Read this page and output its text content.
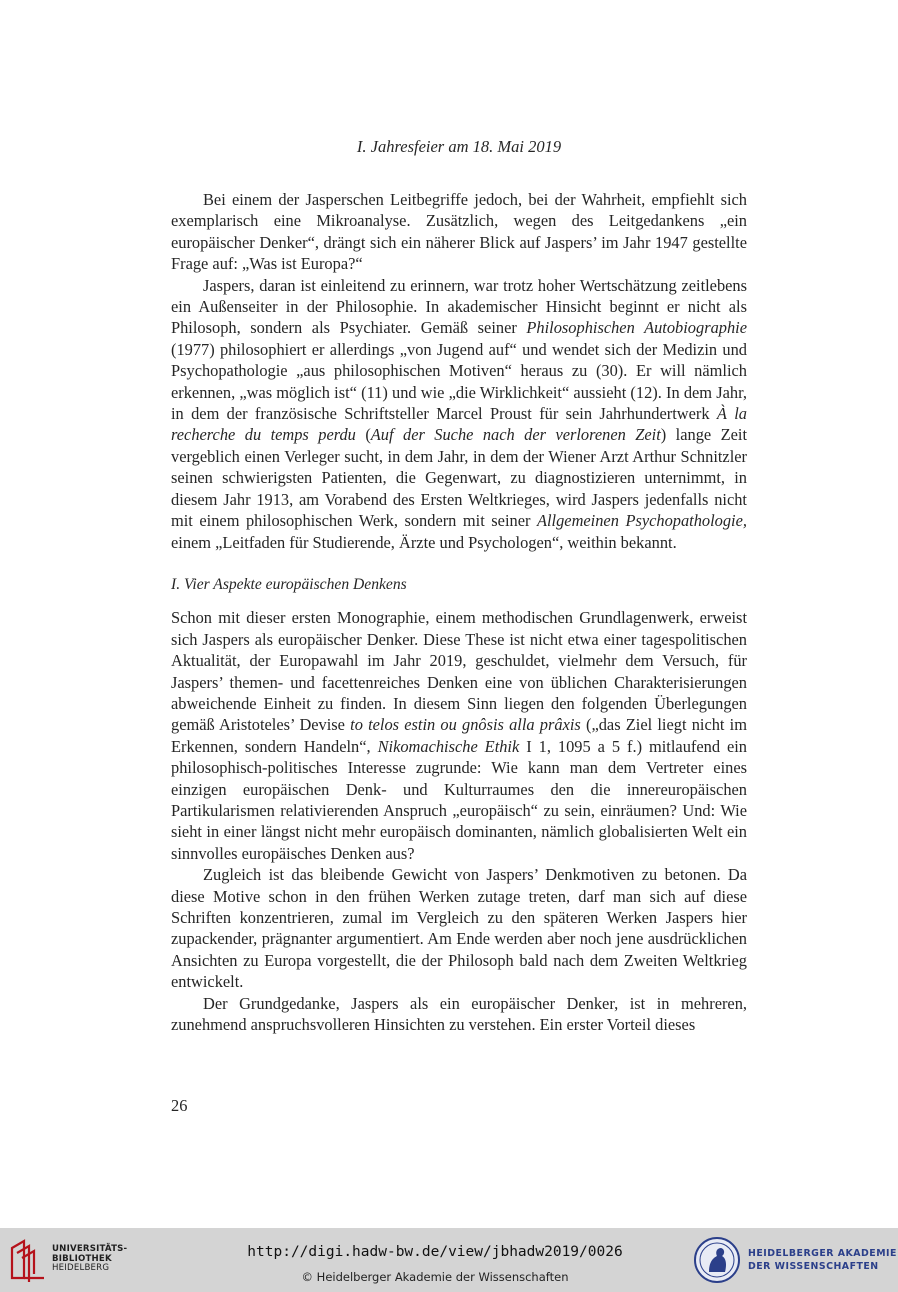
I. Jahresfeier am 18. Mai 2019

Bei einem der Jasperschen Leitbegriffe jedoch, bei der Wahrheit, empfiehlt sich exemplarisch eine Mikroanalyse. Zusätzlich, wegen des Leitgedankens „ein europäischer Denker“, drängt sich ein näherer Blick auf Jaspers’ im Jahr 1947 gestellte Frage auf: „Was ist Europa?“

Jaspers, daran ist einleitend zu erinnern, war trotz hoher Wertschätzung zeitlebens ein Außenseiter in der Philosophie. In akademischer Hinsicht beginnt er nicht als Philosoph, sondern als Psychiater. Gemäß seiner Philosophischen Autobiographie (1977) philosophiert er allerdings „von Jugend auf“ und wendet sich der Medizin und Psychopathologie „aus philosophischen Motiven“ heraus zu (30). Er will nämlich erkennen, „was möglich ist“ (11) und wie „die Wirklichkeit“ aussieht (12). In dem Jahr, in dem der französische Schriftsteller Marcel Proust für sein Jahrhundertwerk À la recherche du temps perdu (Auf der Suche nach der verlorenen Zeit) lange Zeit vergeblich einen Verleger sucht, in dem Jahr, in dem der Wiener Arzt Arthur Schnitzler seinen schwierigsten Patienten, die Gegenwart, zu diagnostizieren unternimmt, in diesem Jahr 1913, am Vorabend des Ersten Weltkrieges, wird Jaspers jedenfalls nicht mit einem philosophischen Werk, sondern mit seiner Allgemeinen Psychopathologie, einem „Leitfaden für Studierende, Ärzte und Psychologen“, weithin bekannt.

I. Vier Aspekte europäischen Denkens

Schon mit dieser ersten Monographie, einem methodischen Grundlagenwerk, erweist sich Jaspers als europäischer Denker. Diese These ist nicht etwa einer tagespolitischen Aktualität, der Europawahl im Jahr 2019, geschuldet, vielmehr dem Versuch, für Jaspers’ themen- und facettenreiches Denken eine von üblichen Charakterisierungen abweichende Einheit zu finden. In diesem Sinn liegen den folgenden Überlegungen gemäß Aristoteles’ Devise to telos estin ou gnôsis alla prâxis („das Ziel liegt nicht im Erkennen, sondern Handeln“, Nikomachische Ethik I 1, 1095 a 5 f.) mitlaufend ein philosophisch-politisches Interesse zugrunde: Wie kann man dem Vertreter eines einzigen europäischen Denk- und Kulturraumes den die innereuropäischen Partikularismen relativierenden Anspruch „europäisch“ zu sein, einräumen? Und: Wie sieht in einer längst nicht mehr europäisch dominanten, nämlich globalisierten Welt ein sinnvolles europäisches Denken aus?

Zugleich ist das bleibende Gewicht von Jaspers’ Denkmotiven zu betonen. Da diese Motive schon in den frühen Werken zutage treten, darf man sich auf diese Schriften konzentrieren, zumal im Vergleich zu den späteren Werken Jaspers hier zupackender, prägnanter argumentiert. Am Ende werden aber noch jene ausdrücklichen Ansichten zu Europa vorgestellt, die der Philosoph bald nach dem Zweiten Weltkrieg entwickelt.

Der Grundgedanke, Jaspers als ein europäischer Denker, ist in mehreren, zunehmend anspruchsvolleren Hinsichten zu verstehen. Ein erster Vorteil dieses

26
UNIVERSITÄTS-
BIBLIOTHEK
HEIDELBERG
HEIDELBERGER AKADEMIE
DER WISSENSCHAFTEN
http://digi.hadw-bw.de/view/jbhadw2019/0026
© Heidelberger Akademie der Wissenschaften
